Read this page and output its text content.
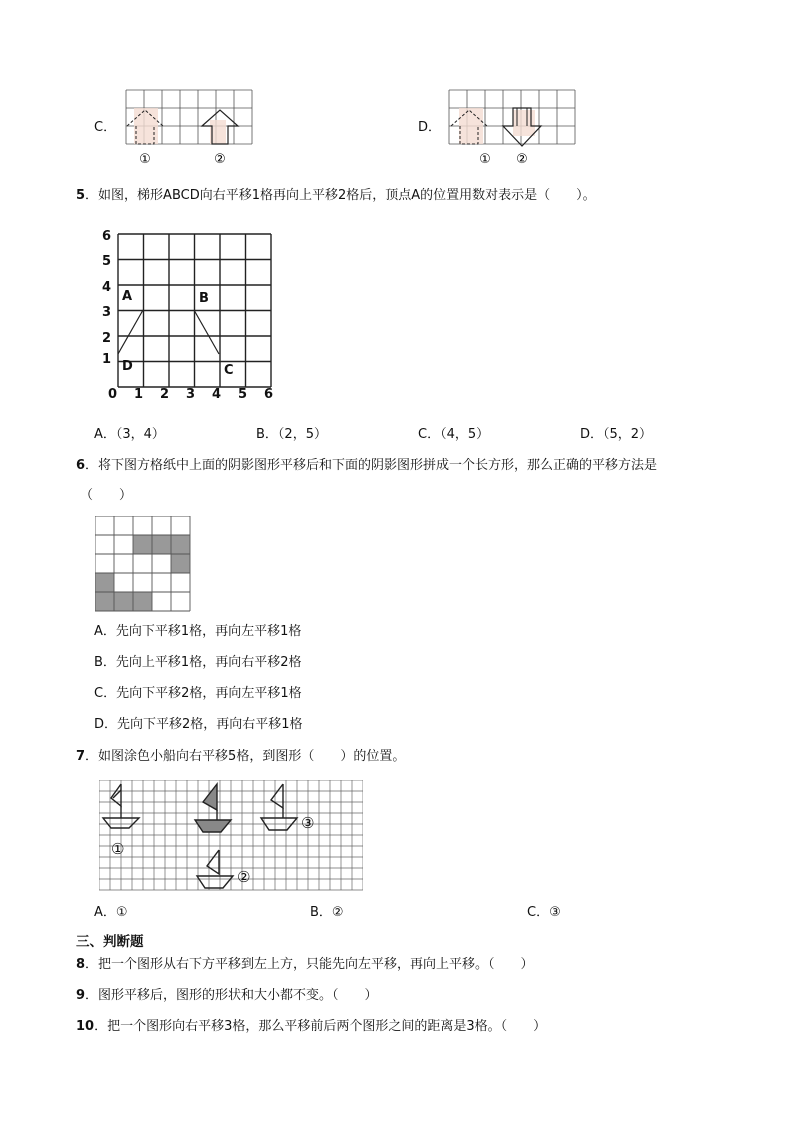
C．
①	②
D．
① ②
5．如图，梯形ABCD向右平移1格再向上平移2格后，顶点A的位置用数对表示是（　　）。
6
5
4
3
2
1
0 1 2 3 4 5 6
A	B
C
D
A．（3，4）	B．（2，5）	C．（4，5）	D．（5，2）
6．将下图方格纸中上面的阴影图形平移后和下面的阴影图形拼成一个长方形，那么正确的平移方法是
（　　）
A．先向下平移1格，再向左平移1格
B．先向上平移1格，再向右平移2格
C．先向下平移2格，再向左平移1格
D．先向下平移2格，再向右平移1格
7．如图涂色小船向右平移5格，到图形（　　）的位置。
①
②
③
A．①	B．②	C．③
三、判断题
8．把一个图形从右下方平移到左上方，只能先向左平移，再向上平移。（　　）
9．图形平移后，图形的形状和大小都不变。（　　）
10．把一个图形向右平移3格，那么平移前后两个图形之间的距离是3格。（　　）
